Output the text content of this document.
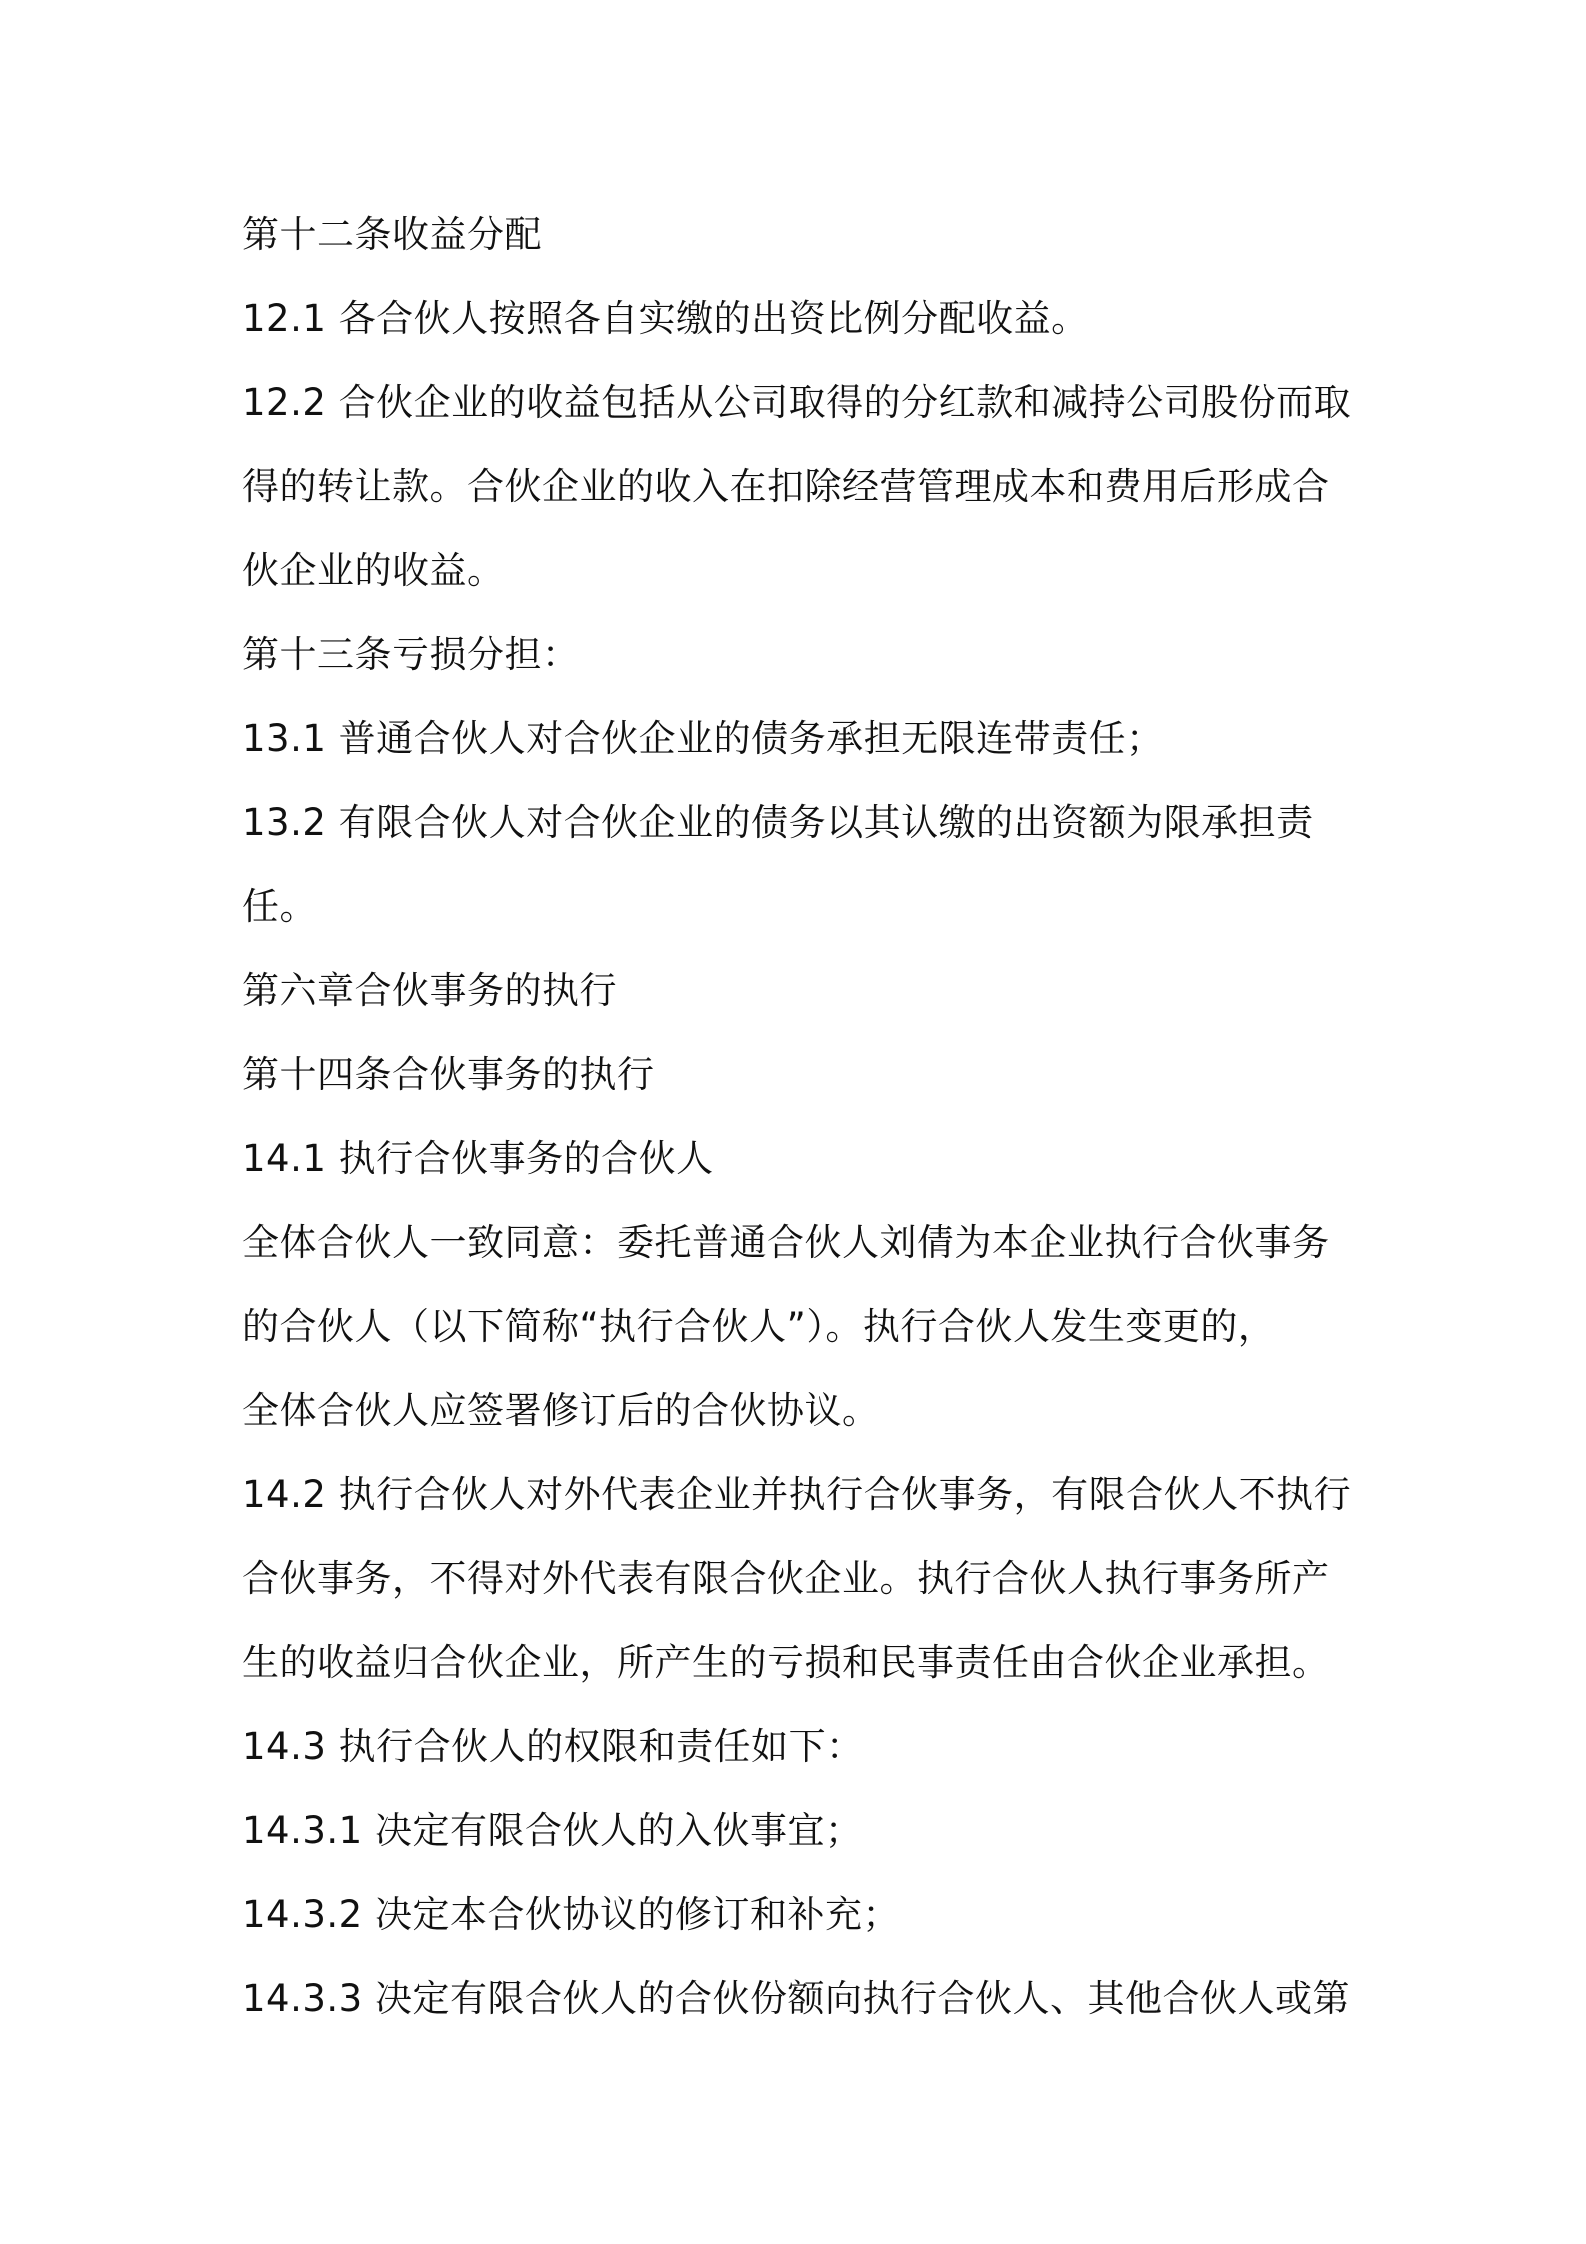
第十二条收益分配
12.1 各合伙人按照各自实缴的出资比例分配收益。
12.2 合伙企业的收益包括从公司取得的分红款和减持公司股份而取
得的转让款。合伙企业的收入在扣除经营管理成本和费用后形成合
伙企业的收益。
第十三条亏损分担：
13.1 普通合伙人对合伙企业的债务承担无限连带责任；
13.2 有限合伙人对合伙企业的债务以其认缴的出资额为限承担责
任。
第六章合伙事务的执行
第十四条合伙事务的执行
14.1 执行合伙事务的合伙人
全体合伙人一致同意：委托普通合伙人刘倩为本企业执行合伙事务
的合伙人（以下简称“执行合伙人”）。执行合伙人发生变更的，
全体合伙人应签署修订后的合伙协议。
14.2 执行合伙人对外代表企业并执行合伙事务，有限合伙人不执行
合伙事务，不得对外代表有限合伙企业。执行合伙人执行事务所产
生的收益归合伙企业，所产生的亏损和民事责任由合伙企业承担。
14.3 执行合伙人的权限和责任如下：
14.3.1 决定有限合伙人的入伙事宜；
14.3.2 决定本合伙协议的修订和补充；
14.3.3 决定有限合伙人的合伙份额向执行合伙人、其他合伙人或第
